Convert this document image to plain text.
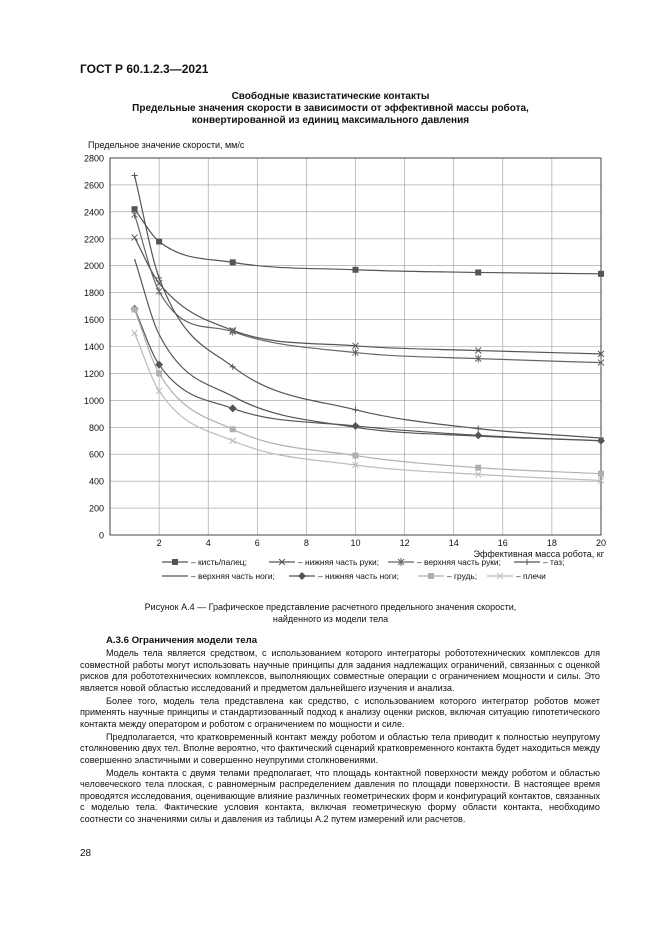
ГОСТ Р 60.1.2.3—2021
Свободные квазистатические контакты
Предельные значения скорости в зависимости от эффективной массы робота,
конвертированной из единиц максимального давления
200
400
600
800
1000
1200
1400
1600
1800
2000
2200
2400
2600
2800
0
2	4	6	8	10	12	14	16	18	20
Предельное значение скорости, мм/с
Эффективная масса робота, кг
– кисть/палец;	– нижняя часть руки;	– верхняя часть руки;	– таз;
– верхняя часть ноги;	– нижняя часть ноги;	– грудь;	– плечи
Рисунок А.4 — Графическое представление расчетного предельного значения скорости,
найденного из модели тела
А.3.6 Ограничения модели тела

Модель тела является средством, с использованием которого интеграторы робототехнических комплексов для совместной работы могут использовать научные принципы для задания надлежащих ограничений, связанных с оценкой рисков для робототехнических комплексов, выполняющих совместные операции с ограничением мощности и силы. Это является новой областью исследований и предметом дальнейшего изучения и анализа.

Более того, модель тела представлена как средство, с использованием которого интегратор роботов может применять научные принципы и стандартизованный подход к анализу оценки рисков, включая ситуацию гипотетического контакта между оператором и роботом с ограничением по мощности и силе.

Предполагается, что кратковременный контакт между роботом и областью тела приводит к полностью неупругому столкновению двух тел. Вполне вероятно, что фактический сценарий кратковременного контакта будет находиться между совершенно эластичными и совершенно неупругими столкновениями.

Модель контакта с двумя телами предполагает, что площадь контактной поверхности между роботом и областью человеческого тела плоская, с равномерным распределением давления по площади поверхности. В настоящее время проводятся исследования, оценивающие влияние различных геометрических форм и конфигураций контактов, связанных с моделью тела. Фактические условия контакта, включая геометрическую форму области контакта, необходимо соотнести со значениями силы и давления из таблицы А.2 путем измерений или расчетов.

28
